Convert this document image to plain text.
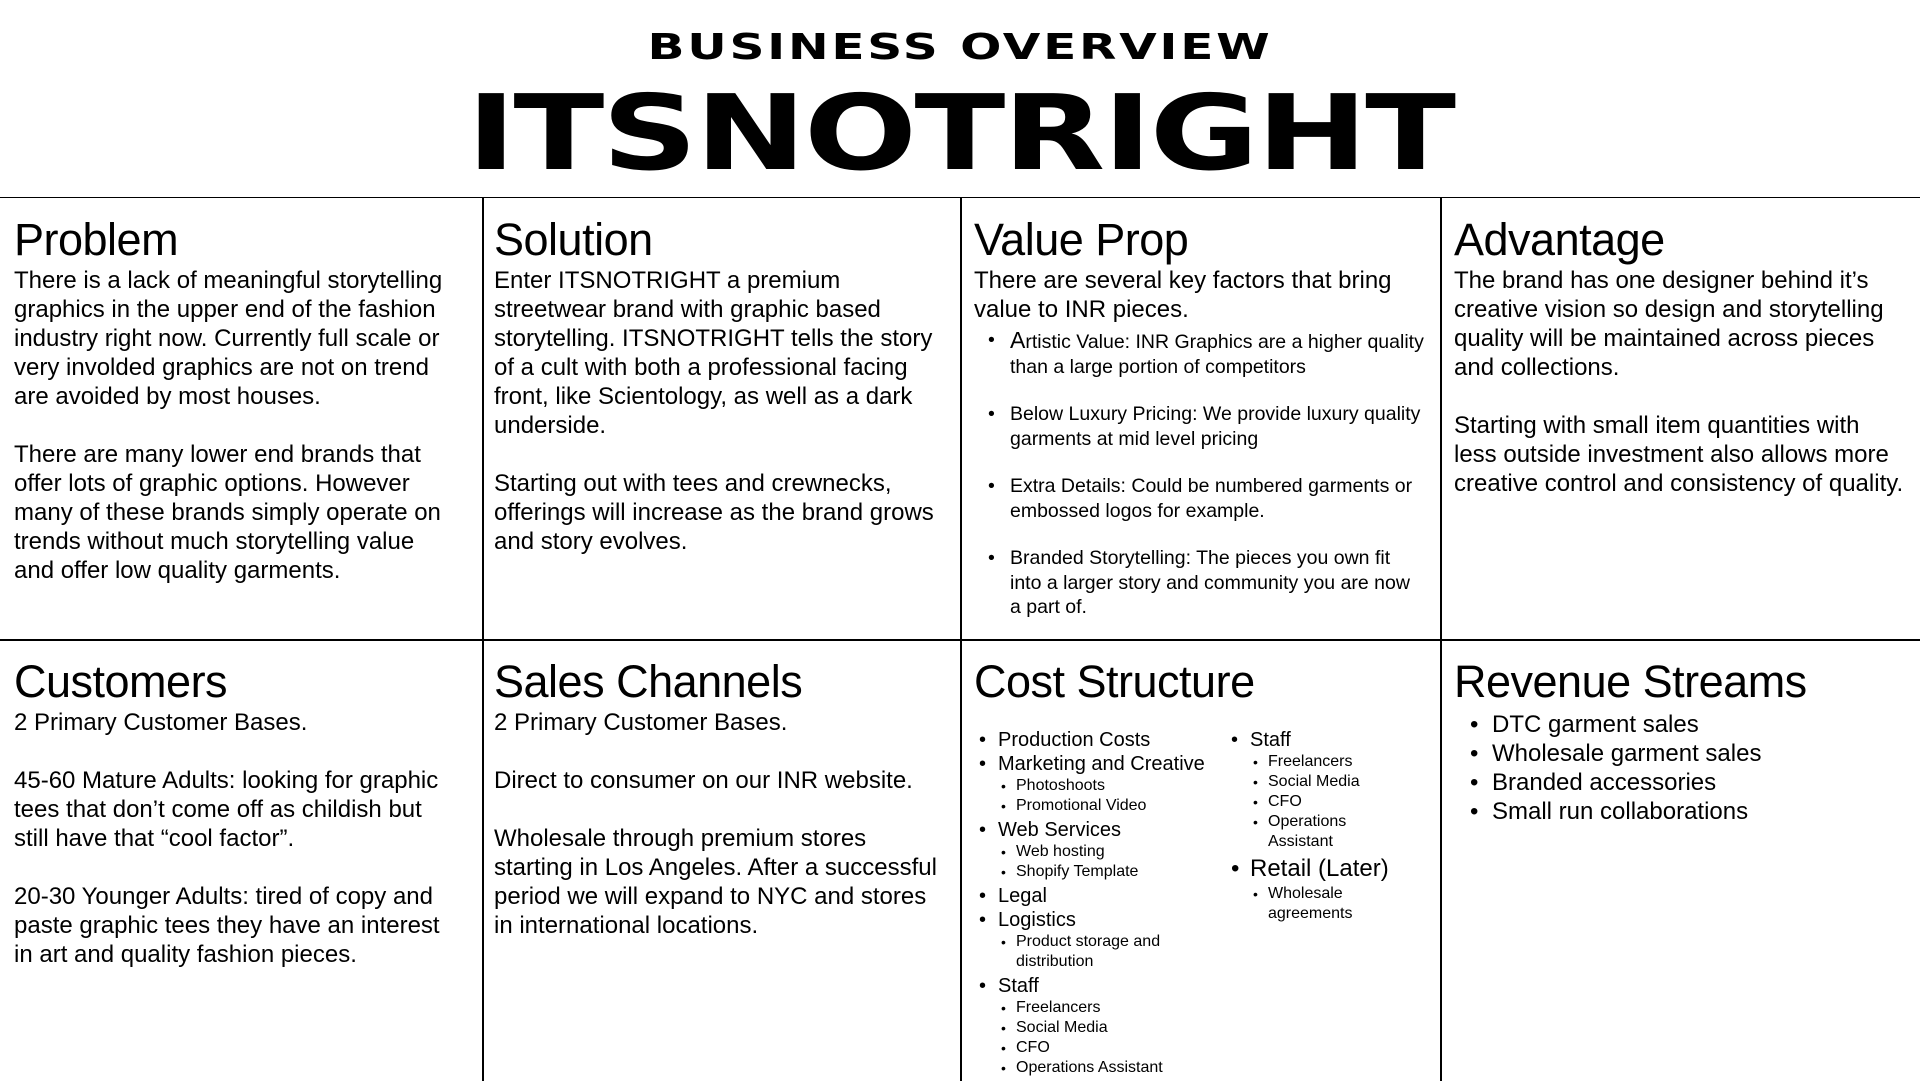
BUSINESS OVERVIEW
ITSNOTRIGHT
Problem

There is a lack of meaningful storytelling graphics in the upper end of the fashion industry right now. Currently full scale or very involded graphics are not on trend are avoided by most houses.

There are many lower end brands that offer lots of graphic options. However many of these brands simply operate on trends without much storytelling value and offer low quality garments.

Solution

Enter ITSNOTRIGHT a premium streetwear brand with graphic based storytelling. ITSNOTRIGHT tells the story of a cult with both a professional facing front, like Scientology, as well as a dark underside.

Starting out with tees and crewnecks, offerings will increase as the brand grows and story evolves.

Value Prop

There are several key factors that bring value to INR pieces.

• Artistic Value: INR Graphics are a higher quality than a large portion of competitors
• Below Luxury Pricing: We provide luxury quality garments at mid level pricing
• Extra Details: Could be numbered garments or embossed logos for example.
• Branded Storytelling: The pieces you own fit into a larger story and community you are now a part of.
Advantage

The brand has one designer behind it’s creative vision so design and storytelling quality will be maintained across pieces and collections.

Starting with small item quantities with less outside investment also allows more creative control and consistency of quality.

Customers

2 Primary Customer Bases.

45-60 Mature Adults: looking for graphic tees that don’t come off as childish but still have that “cool factor”.

20-30 Younger Adults: tired of copy and paste graphic tees they have an interest in art and quality fashion pieces.

Sales Channels

2 Primary Customer Bases.

Direct to consumer on our INR website.

Wholesale through premium stores starting in Los Angeles. After a successful period we will expand to NYC and stores in international locations.

Cost Structure
• Production Costs
• Marketing and Creative
• Photoshoots
• Promotional Video
• Web Services
• Web hosting
• Shopify Template
• Legal
• Logistics
• Product storage and distribution
• Staff
• Freelancers
• Social Media
• CFO
• Operations Assistant
• Staff
• Freelancers
• Social Media
• CFO
• Operations Assistant
• Retail (Later)
• Wholesale agreements
Revenue Streams
• DTC garment sales
• Wholesale garment sales
• Branded accessories
• Small run collaborations
